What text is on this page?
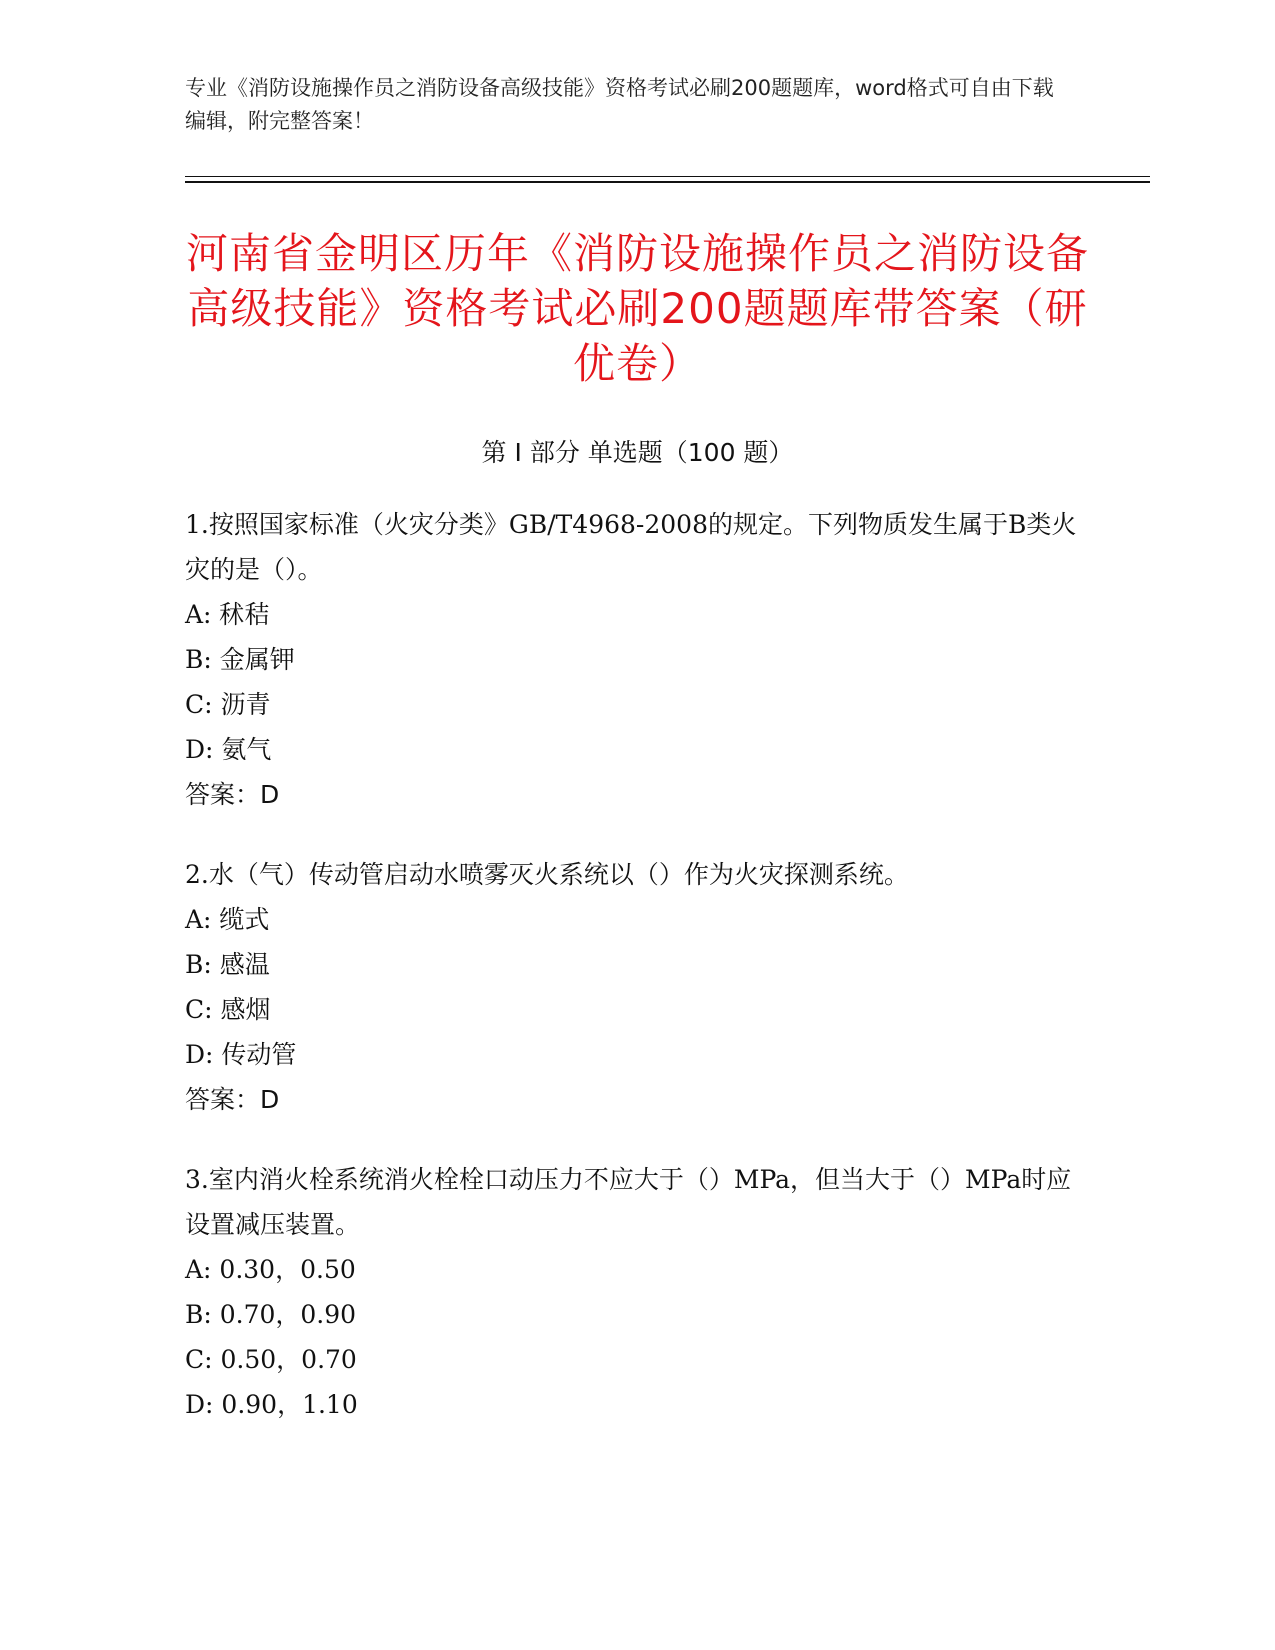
专业《消防设施操作员之消防设备高级技能》资格考试必刷200题题库，word格式可自由下载编辑，附完整答案！
河南省金明区历年《消防设施操作员之消防设备高级技能》资格考试必刷200题题库带答案（研优卷）
第 I 部分 单选题（100 题）

1.按照国家标准（火灾分类》GB/T4968-2008的规定。下列物质发生属于B类火灾的是（）。

A: 秫秸

B: 金属钾

C: 沥青

D: 氨气

答案：D

2.水（气）传动管启动水喷雾灭火系统以（）作为火灾探测系统。

A: 缆式

B: 感温

C: 感烟

D: 传动管

答案：D

3.室内消火栓系统消火栓栓口动压力不应大于（）MPa，但当大于（）MPa时应设置减压装置。

A: 0.30，0.50

B: 0.70，0.90

C: 0.50，0.70

D: 0.90，1.10
